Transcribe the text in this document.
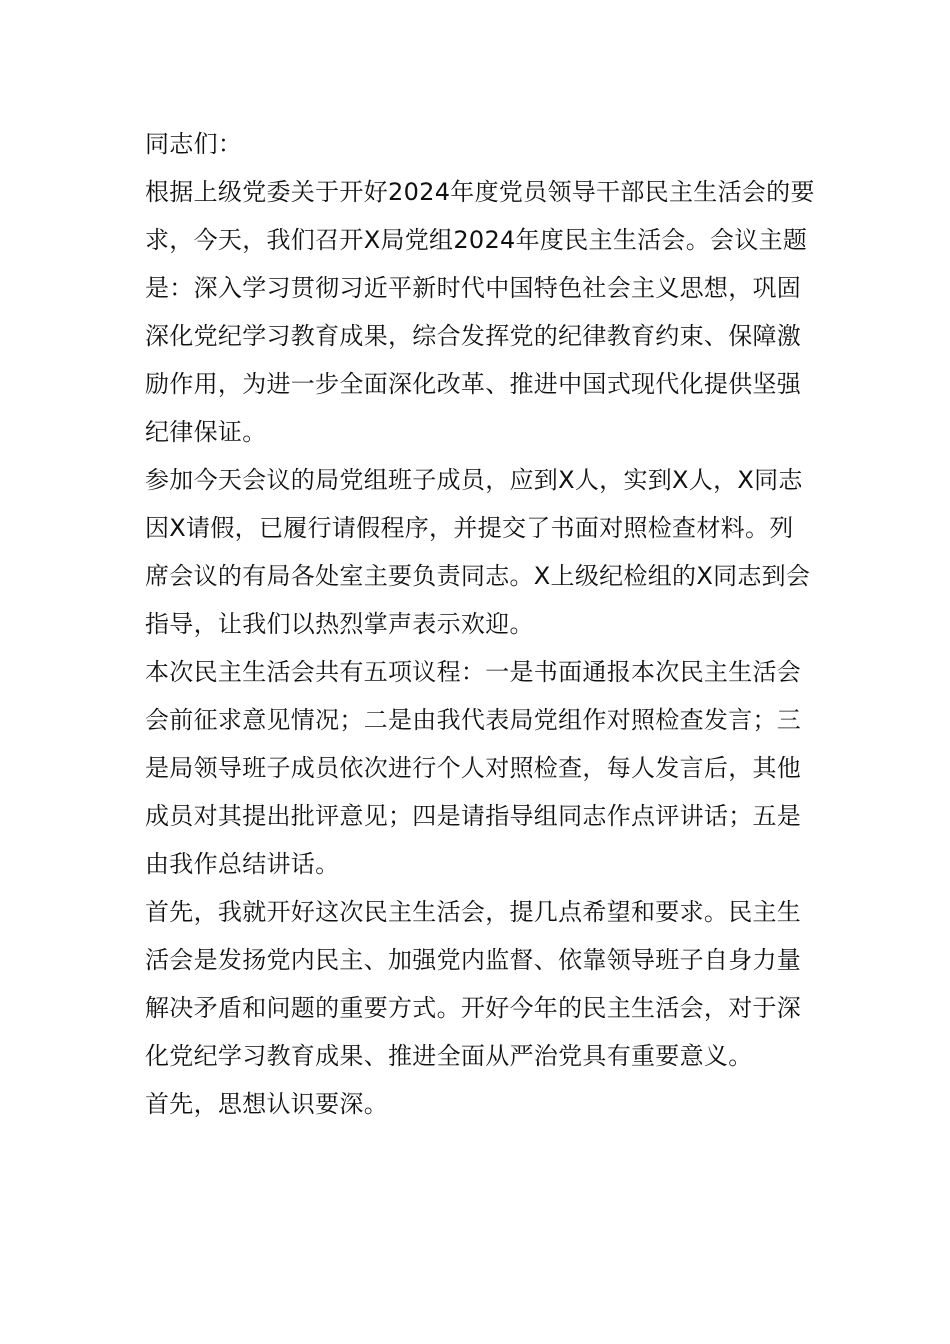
同志们：

根据上级党委关于开好2024年度党员领导干部民主生活会的要求，今天，我们召开X局党组2024年度民主生活会。会议主题是：深入学习贯彻习近平新时代中国特色社会主义思想，巩固深化党纪学习教育成果，综合发挥党的纪律教育约束、保障激励作用，为进一步全面深化改革、推进中国式现代化提供坚强纪律保证。

参加今天会议的局党组班子成员，应到X人，实到X人，X同志因X请假，已履行请假程序，并提交了书面对照检查材料。列席会议的有局各处室主要负责同志。X上级纪检组的X同志到会指导，让我们以热烈掌声表示欢迎。

本次民主生活会共有五项议程：一是书面通报本次民主生活会会前征求意见情况；二是由我代表局党组作对照检查发言；三是局领导班子成员依次进行个人对照检查，每人发言后，其他成员对其提出批评意见；四是请指导组同志作点评讲话；五是由我作总结讲话。

首先，我就开好这次民主生活会，提几点希望和要求。民主生活会是发扬党内民主、加强党内监督、依靠领导班子自身力量解决矛盾和问题的重要方式。开好今年的民主生活会，对于深化党纪学习教育成果、推进全面从严治党具有重要意义。

首先，思想认识要深。
